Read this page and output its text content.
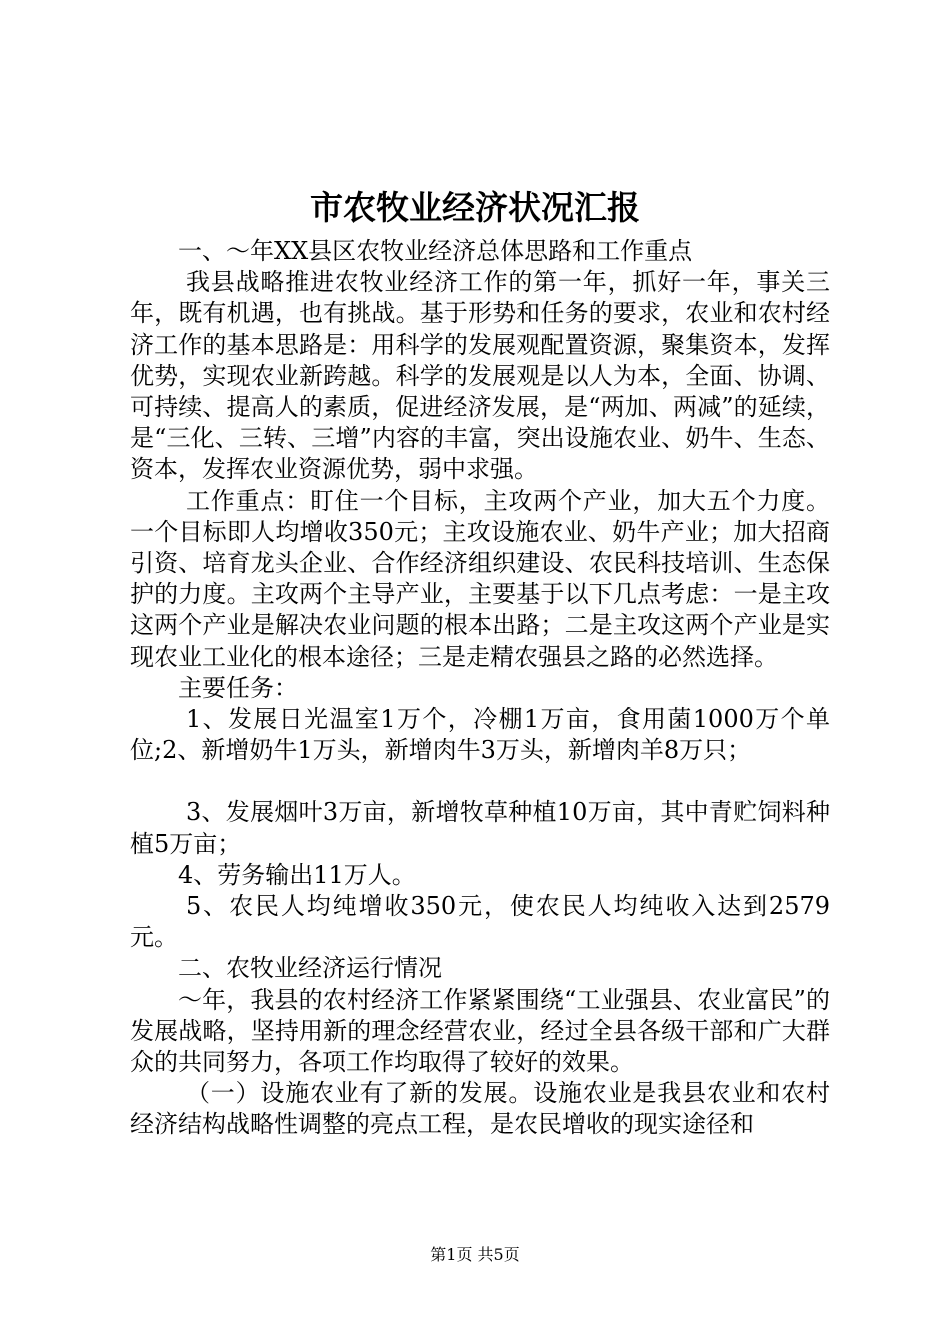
市农牧业经济状况汇报

一、～年XX县区农牧业经济总体思路和工作重点

我县战略推进农牧业经济工作的第一年，抓好一年，事关三年，既有机遇，也有挑战。基于形势和任务的要求，农业和农村经济工作的基本思路是：用科学的发展观配置资源，聚集资本，发挥优势，实现农业新跨越。科学的发展观是以人为本，全面、协调、可持续、提高人的素质，促进经济发展，是“两加、两减”的延续，是“三化、三转、三增”内容的丰富，突出设施农业、奶牛、生态、资本，发挥农业资源优势，弱中求强。

工作重点：盯住一个目标，主攻两个产业，加大五个力度。一个目标即人均增收350元；主攻设施农业、奶牛产业；加大招商引资、培育龙头企业、合作经济组织建设、农民科技培训、生态保护的力度。主攻两个主导产业，主要基于以下几点考虑：一是主攻这两个产业是解决农业问题的根本出路；二是主攻这两个产业是实现农业工业化的根本途径；三是走精农强县之路的必然选择。

主要任务：

1、发展日光温室1万个，冷棚1万亩，食用菌1000万个单位;2、新增奶牛1万头，新增肉牛3万头，新增肉羊8万只；

3、发展烟叶3万亩，新增牧草种植10万亩，其中青贮饲料种植5万亩；

4、劳务输出11万人。

5、农民人均纯增收350元，使农民人均纯收入达到2579元。

二、农牧业经济运行情况

～年，我县的农村经济工作紧紧围绕“工业强县、农业富民”的发展战略，坚持用新的理念经营农业，经过全县各级干部和广大群众的共同努力，各项工作均取得了较好的效果。

（一）设施农业有了新的发展。设施农业是我县农业和农村经济结构战略性调整的亮点工程，是农民增收的现实途径和

第1页 共5页
